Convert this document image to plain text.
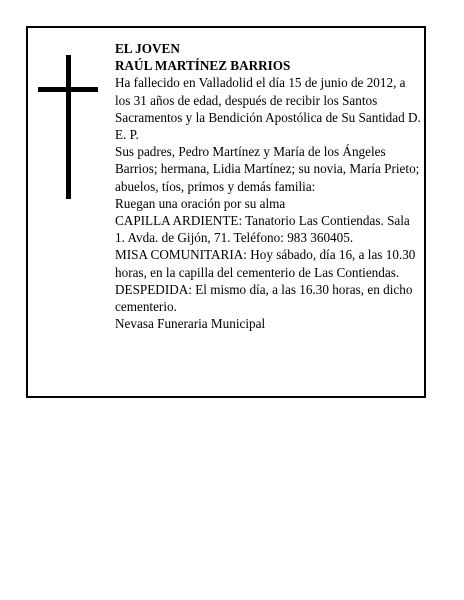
EL JOVEN

RAÚL MARTÍNEZ BARRIOS

Ha fallecido en Valladolid el día 15 de junio de 2012, a los 31 años de edad, después de recibir los Santos Sacramentos y la Bendición Apostólica de Su Santidad D. E. P.

Sus padres, Pedro Martínez y María de los Ángeles Barrios; hermana, Lidia Martínez; su novia, María Prieto; abuelos, tíos, primos y demás familia:

Ruegan una oración por su alma

CAPILLA ARDIENTE: Tanatorio Las Contiendas. Sala 1. Avda. de Gijón, 71. Teléfono: 983 360405.

MISA COMUNITARIA: Hoy sábado, día 16, a las 10.30 horas, en la capilla del cementerio de Las Contiendas.

DESPEDIDA: El mismo día, a las 16.30 horas, en dicho cementerio.

Nevasa Funeraria Municipal
